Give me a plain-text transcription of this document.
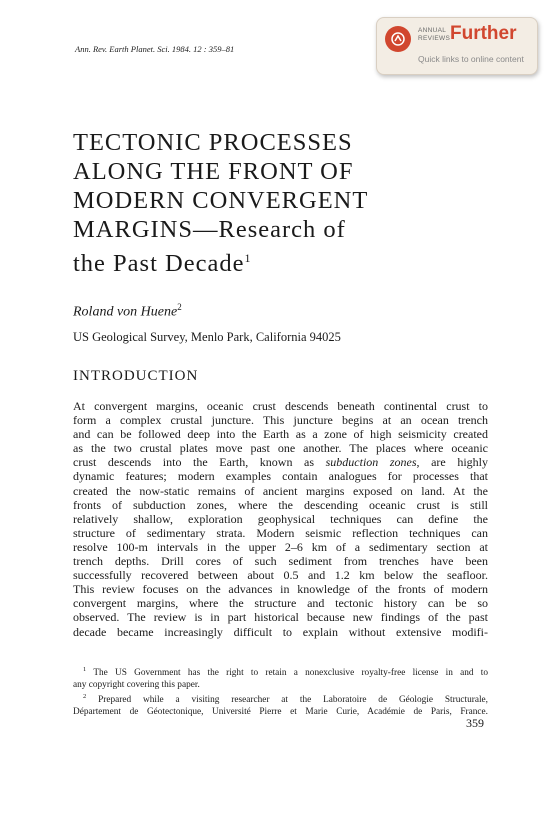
Ann. Rev. Earth Planet. Sci. 1984. 12 : 359–81
ANNUAL
REVIEWS Further
Quick links to online content
TECTONIC PROCESSES
ALONG THE FRONT OF
MODERN CONVERGENT
MARGINS—Research of
the Past Decade$^1$
Roland von Huene$^2$
US Geological Survey, Menlo Park, California 94025
INTRODUCTION
At convergent margins, oceanic crust descends beneath continental crust to
form a complex crustal juncture. This juncture begins at an ocean trench
and can be followed deep into the Earth as a zone of high seismicity created
as the two crustal plates move past one another. The places where oceanic
crust descends into the Earth, known as subduction zones, are highly
dynamic features; modern examples contain analogues for processes that
created the now-static remains of ancient margins exposed on land. At the
fronts of subduction zones, where the descending oceanic crust is still
relatively shallow, exploration geophysical techniques can define the
structure of sedimentary strata. Modern seismic reflection techniques can
resolve 100-m intervals in the upper 2–6 km of a sedimentary section at
trench depths. Drill cores of such sediment from trenches have been
successfully recovered between about 0.5 and 1.2 km below the seafloor.
This review focuses on the advances in knowledge of the fronts of modern
convergent margins, where the structure and tectonic history can be so
observed. The review is in part historical because new findings of the past
decade became increasingly difficult to explain without extensive modifi-
$^1$ The US Government has the right to retain a nonexclusive royalty-free license in and to
any copyright covering this paper.
$^2$ Prepared while a visiting researcher at the Laboratoire de Géologie Structurale,
Département de Géotectonique, Université Pierre et Marie Curie, Académie de Paris, France.
359
